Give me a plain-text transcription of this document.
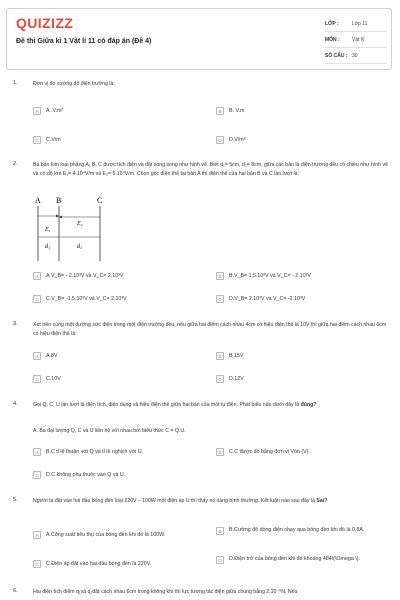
QUIZIZZ
Đề thi Giữa kì 1 Vật lí 11 có đáp án (Đề 4)
LỚP :	Lớp 11
MÔN :	Vật lý
SỐ CÂU : 30
1.	Đơn vị đo cường độ điện trường là:
A	A. V.m²	B	B. V.m
C	C.V/m	D	D.V/m²
2.	Ba bản kim loại phẳng A, B, C được tích điện và đặt song song như hình vẽ. Biết d₁= 5cm, d₂= 8cm, giữa các bản là điện trường đều có chiều như hình vẽ và có độ lớn E₁= 4.10⁴V/m và E₂= 5.10⁴V/m. Chọn gốc điện thế tại bản A thì điện thế của hai bản B và C lần lượt là:
A B	C
E₁
E₂
d₁	d₂
A	A.V_B= - 2.10³V và V_C= 2.10³V	B	B.V_B= 1,5.10³V và V_C= - 2.10³V
C	C.V_B= -1,5.10³V và V_C= 2.10³V	D	D.V_B= 2.10³V và V_C= -2.10³V
3.	Xét trên cùng một đường sức điện trong một điện trường đều, nếu giữa hai điểm cách nhau 4cm có hiệu điện thế là 10V thì giữa hai điểm cách nhau 6cm có hiệu điện thế là:
A	A.8V	B	B.15V
C	C.10V	D	D.12V
4.	Gọi Q, C, U lần lượt là điện tích, điện dung và hiệu điện thế giữa hai bản của một tụ điện. Phát biểu nào dưới đây là đúng?
A. Ba đại lượng Q, C và U liên hệ với nhau bởi biểu thức C = Q.U.
A	B.C tỉ lệ thuận với Q và tỉ lệ nghịch với U.	B	C.C được đo bằng đơn vị Vôn (V).
C	D.C không phụ thuộc vào Q và U.
5.	Người ta đặt vào hai đầu bóng đèn loại 220V – 100W một điện áp U thì thấy nó sáng bình thường. Kết luận nào sau đây là Sai?
A	A.Công suất tiêu thụ của bóng đèn khi đó là 100W.
B	B.Cường độ dòng điện chạy qua bóng đèn khi đó là 0,8A.
C	C.Điện áp đặt vào hai đầu bóng đèn là 220V.
D	D.Điện trở của bóng đèn khi đó khoảng 484\(\Omega \).
6.	Hai điện tích điểm q₁và q₂đặt cách nhau 6cm trong không khí thì lực tương tác điện giữa chúng bằng 2.10⁻⁵N. Nếu
